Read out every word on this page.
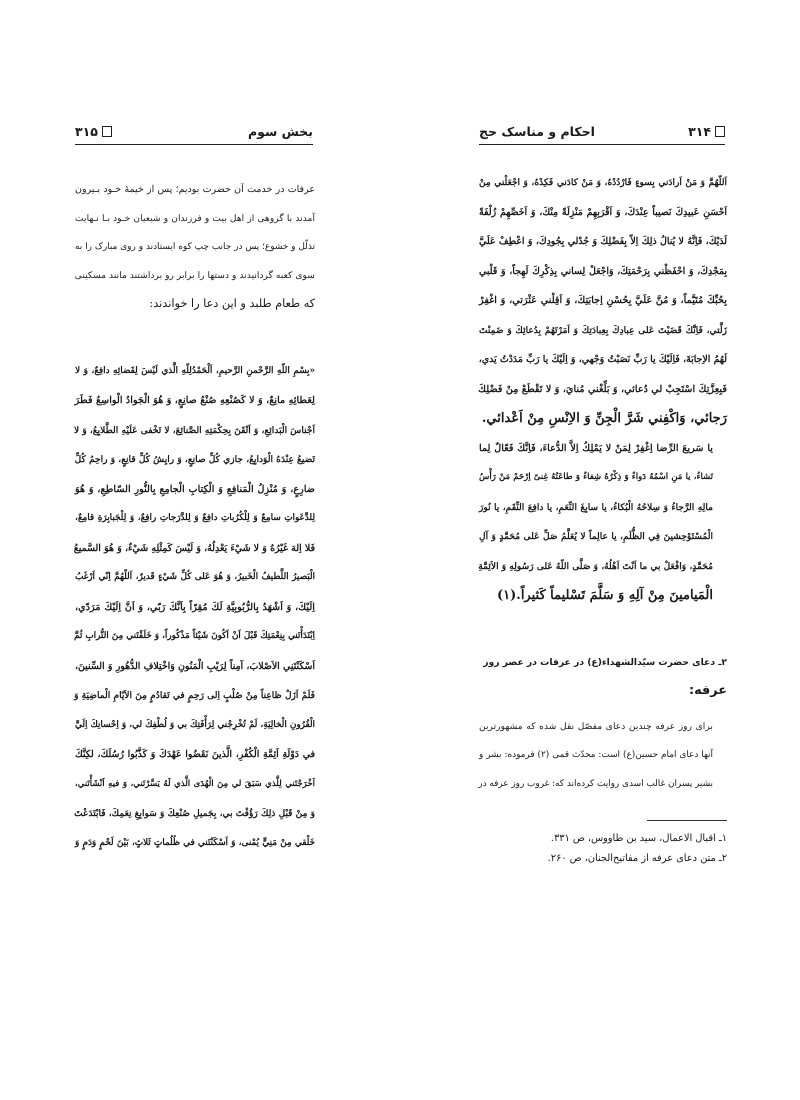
۳۱۴
احکام و مناسک حج

اَللّهُمَّ وَ مَنْ اَرادَني بِسوءٍ فَارْدُدْهُ، وَ مَنْ كادَني فَكِدْهُ، وَ اجْعَلْني مِنْ
اَحْسَنِ عَبيدِكَ نَصيباً عِنْدَكَ، وَ اَقْرَبِهِمْ مَنْزِلَةً مِنْكَ، وَ اَخَصِّهِمْ زُلْفَةً
لَدَيْكَ، فَاِنَّهُ لا يُنالُ ذلِكَ اِلاّ بِفَضْلِكَ وَ جُدْلي بِجُودِكَ، وَ اعْطِفْ عَلَيَّ
بِمَجْدِكَ، وَ احْفَظْني بِرَحْمَتِكَ، وَاجْعَلْ لِساني بِذِكْرِكَ لَهِجاً، وَ قَلْبي
بِحُبِّكَ مُتَيَّماً، وَ مُنَّ عَلَيَّ بِحُسْنِ اِجابَتِكَ، وَ اَقِلْني عَثْرَتي، وَ اغْفِرْ
زَلَّتي، فَاِنَّكَ قَضَيْتَ عَلى عِبادِكَ بِعِبادَتِكَ وَ اَمَرْتَهُمْ بِدُعائِكَ وَ ضَمِنْتَ
لَهُمُ الاِجابَةَ، فَاِلَيْكَ يا رَبِّ نَصَبْتُ وَجْهي، وَ اِلَيْكَ يا رَبِّ مَدَدْتُ يَدي،
فَبِعِزَّتِكَ اسْتَجِبْ لي دُعائي، وَ بَلِّغْني مُنايَ، وَ لا تَقْطَعْ مِنْ فَضْلِكَ
رَجائي، وَاكْفِني شَرَّ الْجِنِّ وَ الاِنْسِ مِنْ اَعْدائي.

يا سَريعَ الرِّضا اِغْفِرْ لِمَنْ لا يَمْلِكُ اِلاَّ الدُّعاءَ، فَاِنَّكَ فَعّالٌ لِما
تَشاءُ، يا مَنِ اسْمُهُ دَواءٌ وَ ذِكْرُهُ شِفاءٌ وَ طاعَتُهُ غِنىً اِرْحَمْ مَنْ رَأْسُ
مالِهِ الرَّجاءُ وَ سِلاحُهُ الْبُكاءُ، يا سابِغَ النِّعَمِ، يا دافِعَ النِّقَمِ، يا نُورَ
الْمُسْتَوْحِشينَ فِي الظُّلَمِ، يا عالِماً لا يُعَلَّمُ صَلِّ عَلى مُحَمَّدٍ وَ آلِ
مُحَمَّدٍ، وَافْعَلْ بي ما اَنْتَ اَهْلُهُ، وَ صَلَّى اللّهُ عَلى رَسُولِهِ وَ الاَئِمَّةِ
الْمَيامينَ مِنْ آلِهِ وَ سَلَّمَ تَسْليماً كَثيراً.(۱)

۲ـ دعای حضرت سیّدالشهداء(ع) در عرفات در عصر روز
عرفه:

برای روز عرفه چندین دعای مفصّل نقل شده که مشهورترین
آنها دعای امام حسین(ع) است: محدّث قمی (۲) فرموده: بشر و
بشیر پسران غالب اسدی روایت کرده‌اند که: غروب روز عرفه در

۱ـ اقبال الاعمال، سید بن طاووس، ص ۳۳۱.
۲ـ متن دعای عرفه از مفاتیح‌الجنان، ص ۲۶۰.

بخش سوم
۳۱۵

عرفات در خدمت آن حضرت بودیم؛ پس از خیمهٔ خـود بـیرون
آمدند با گروهی از اهل بیت و فرزندان و شیعیان خـود بـا نـهایت
تذلّل و خشوع؛ پس در جانب چپ کوه ایستادند و روی مبارک را به
سوی کعبه گردانیدند و دستها را برابر رو برداشتند مانند مسکینی
که طعام طلبد و این دعا را خواندند:

«بِسْمِ اللّهِ الرَّحْمنِ الرَّحيمِ، اَلْحَمْدُلِلّهِ الَّذي لَيْسَ لِقَضائِهِ دافِعٌ، وَ لا
لِعَطائِهِ مانِعٌ، وَ لا كَصُنْعِهِ صُنْعُ صانِعٍ، وَ هُوَ الْجَوادُ الْواسِعُ فَطَرَ
اَجْناسَ الْبَدائِعِ، وَ اَتْقَنَ بِحِكْمَتِهِ الصَّنائِعَ، لا تَخْفى عَلَيْهِ الطَّلايِعُ، وَ لا
تَضيعُ عِنْدَهُ الْوَدايِعُ، جازي كُلِّ صانِعٍ، وَ رايِشُ كُلِّ قانِعٍ، وَ راحِمُ كُلِّ
ضارِعٍ، وَ مُنْزِلُ الْمَنافِعِ وَ الْكِتابِ الْجامِعِ بِالنُّورِ السّاطِعِ، وَ هُوَ
لِلدَّعَواتِ سامِعٌ وَ لِلْكُرُباتِ دافِعٌ وَ لِلدَّرَجاتِ رافِعٌ، وَ لِلْجَبابِرَةِ قامِعٌ،
فَلا اِلهَ غَيْرُهُ وَ لا شَيْءَ يَعْدِلُهُ، وَ لَيْسَ كَمِثْلِهِ شَيْءٌ، وَ هُوَ السَّميعُ
الْبَصيرُ اللَّطيفُ الْخَبيرُ، وَ هُوَ عَلى كُلِّ شَيْءٍ قَديرٌ، اَللّهُمَّ اِنّي اَرْغَبُ
اِلَيْكَ، وَ اَشْهَدُ بِالرُّبُوبِيَّةِ لَكَ مُقِرّاً بِاَنَّكَ رَبّي، وَ اَنَّ اِلَيْكَ مَرَدّي،
اِبْتَدَأْتَني بِنِعْمَتِكَ قَبْلَ اَنْ اَكُونَ شَيْئاً مَذْكُوراً، وَ خَلَقْتَني مِنَ التُّرابِ ثُمَّ
اَسْكَنْتَنِي الاَصْلابَ، آمِناً لِرَيْبِ الْمَنُونِ وَاخْتِلافِ الدُّهُورِ وَ السِّنينَ،
فَلَمْ اَزَلْ ظاعِناً مِنْ صُلْبٍ اِلى رَحِمٍ في تَقادُمٍ مِنَ الاَيّامِ الْماضِيَةِ وَ
الْقُرُونِ الْخالِيَةِ، لَمْ تُخْرِجْني لِرَأْفَتِكَ بي وَ لُطْفِكَ لي، وَ اِحْسانِكَ اِلَيَّ
في دَوْلَةِ اَئِمَّةِ الْكُفْرِ، الَّذينَ نَقَضُوا عَهْدَكَ وَ كَذَّبُوا رُسُلَكَ، لكِنَّكَ
اَخْرَجْتَني لِلَّذي سَبَقَ لي مِنَ الْهُدَى الَّذي لَهُ يَسَّرْتَني، وَ فيهِ اَنْشَأْتَني،
وَ مِنْ قَبْلِ ذلِكَ رَؤُفْتَ بي، بِجَميلِ صُنْعِكَ وَ سَوابِغِ نِعَمِكَ، فَابْتَدَعْتَ
خَلْقي مِنْ مَنِيٍّ يُمْنى، وَ اَسْكَنْتَني في ظُلُماتٍ ثَلاثٍ، بَيْنَ لَحْمٍ وَدَمٍ وَ
